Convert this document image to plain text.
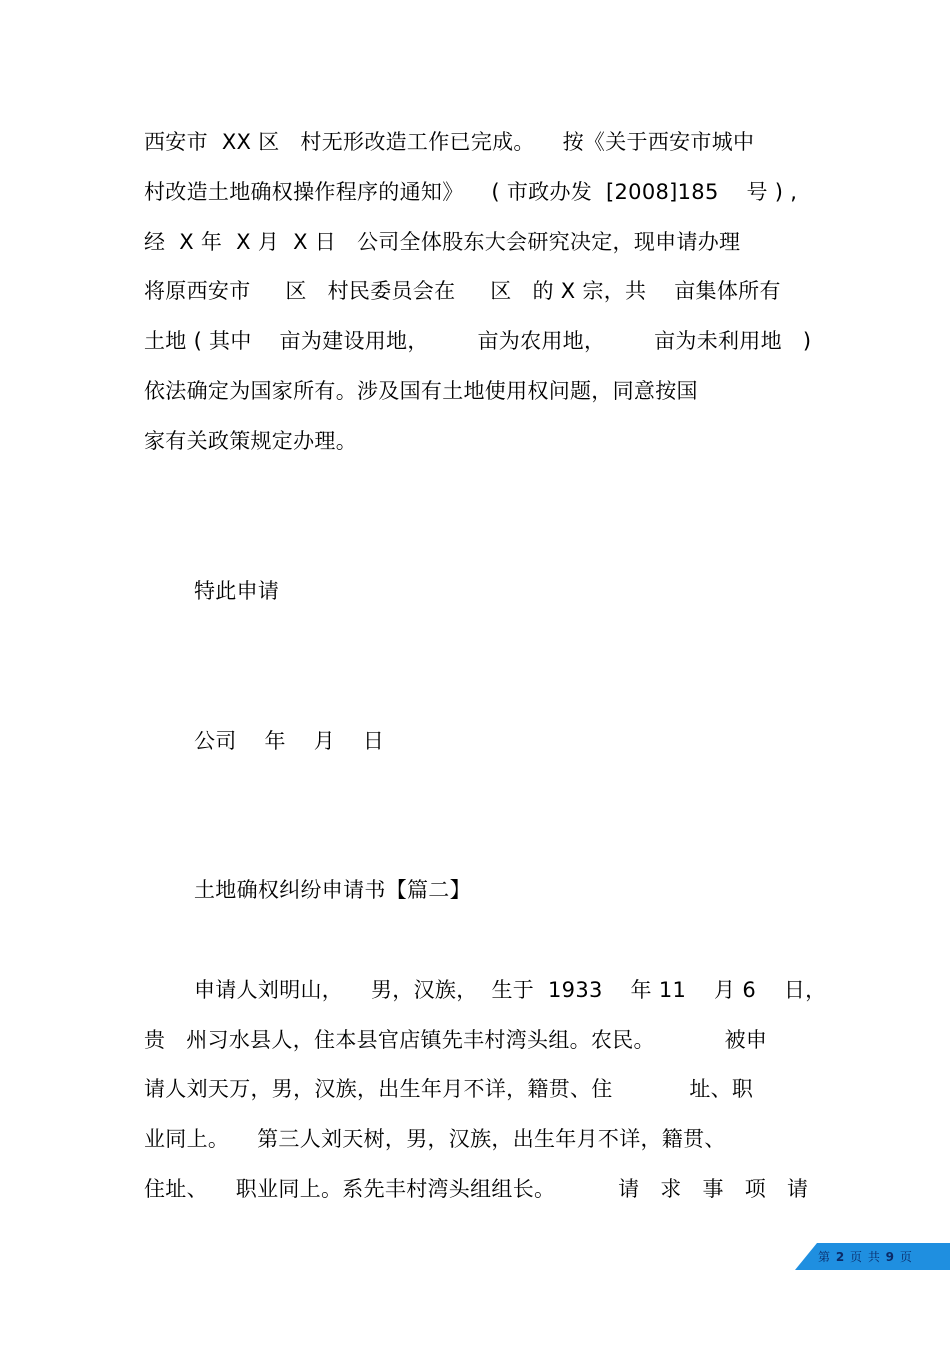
西安市  XX 区   村无形改造工作已完成。    按《关于西安市城中
村改造土地确权操作程序的通知》    ( 市政办发  [2008]185    号 ) ,
经  X 年  X 月  X 日   公司全体股东大会研究决定，现申请办理
将原西安市     区   村民委员会在     区   的 X 宗，共    亩集体所有
土地 ( 其中    亩为建设用地，       亩为农用地，       亩为未利用地   )
依法确定为国家所有。涉及国有土地使用权问题，同意按国
家有关政策规定办理。
特此申请
公司    年    月    日
土地确权纠纷申请书【篇二】
申请人刘明山，    男，汉族，  生于  1933    年 11    月 6    日，
贵   州习水县人，住本县官店镇先丰村湾头组。农民。          被申
请人刘天万，男，汉族，出生年月不详，籍贯、住           址、职
业同上。    第三人刘天树，男，汉族，出生年月不详，籍贯、
住址、    职业同上。系先丰村湾头组组长。         请   求   事   项   请
第 2 页 共 9 页
